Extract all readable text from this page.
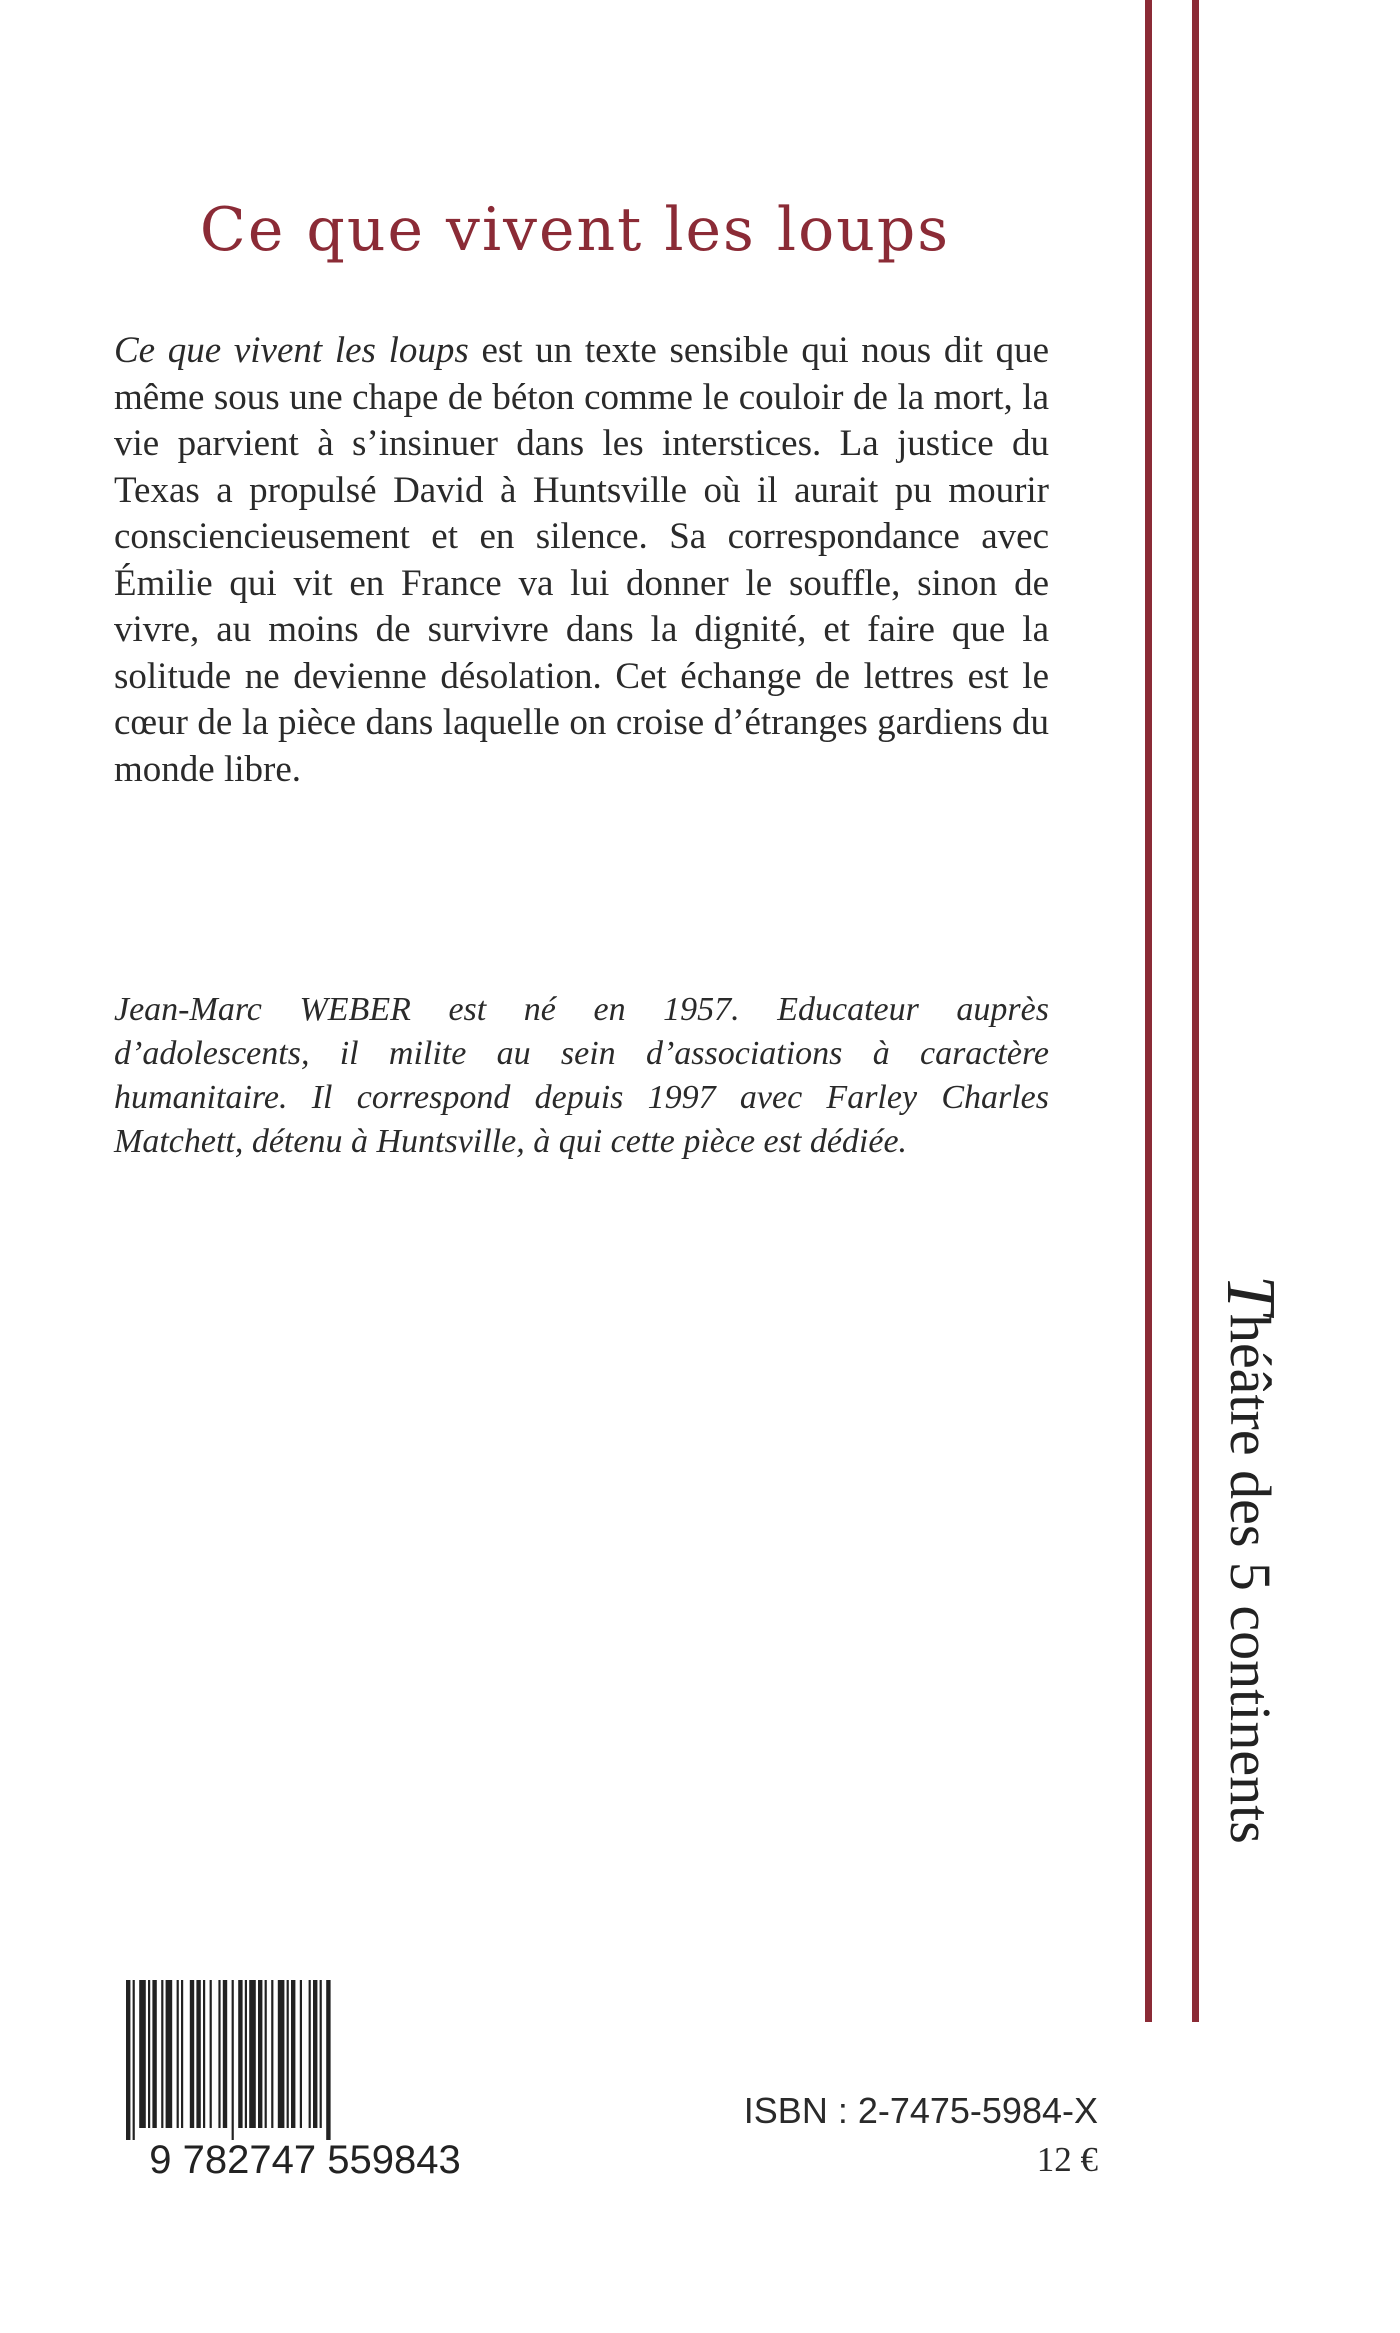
Ce que vivent les loups

Ce que vivent les loups est un texte sensible qui nous dit que même sous une chape de béton comme le couloir de la mort, la vie parvient à s’insinuer dans les interstices. La justice du Texas a propulsé David à Huntsville où il aurait pu mourir consciencieusement et en silence. Sa correspondance avec Émilie qui vit en France va lui donner le souffle, sinon de vivre, au moins de survivre dans la dignité, et faire que la solitude ne devienne désolation. Cet échange de lettres est le cœur de la pièce dans laquelle on croise d’étranges gardiens du monde libre.

Jean-Marc WEBER est né en 1957. Educateur auprès d’adolescents, il milite au sein d’associations à caractère humanitaire. Il correspond depuis 1997 avec Farley Charles Matchett, détenu à Huntsville, à qui cette pièce est dédiée.

Théâtre des 5 continents
9 782747 559843

ISBN : 2-7475-5984-X

12 €
